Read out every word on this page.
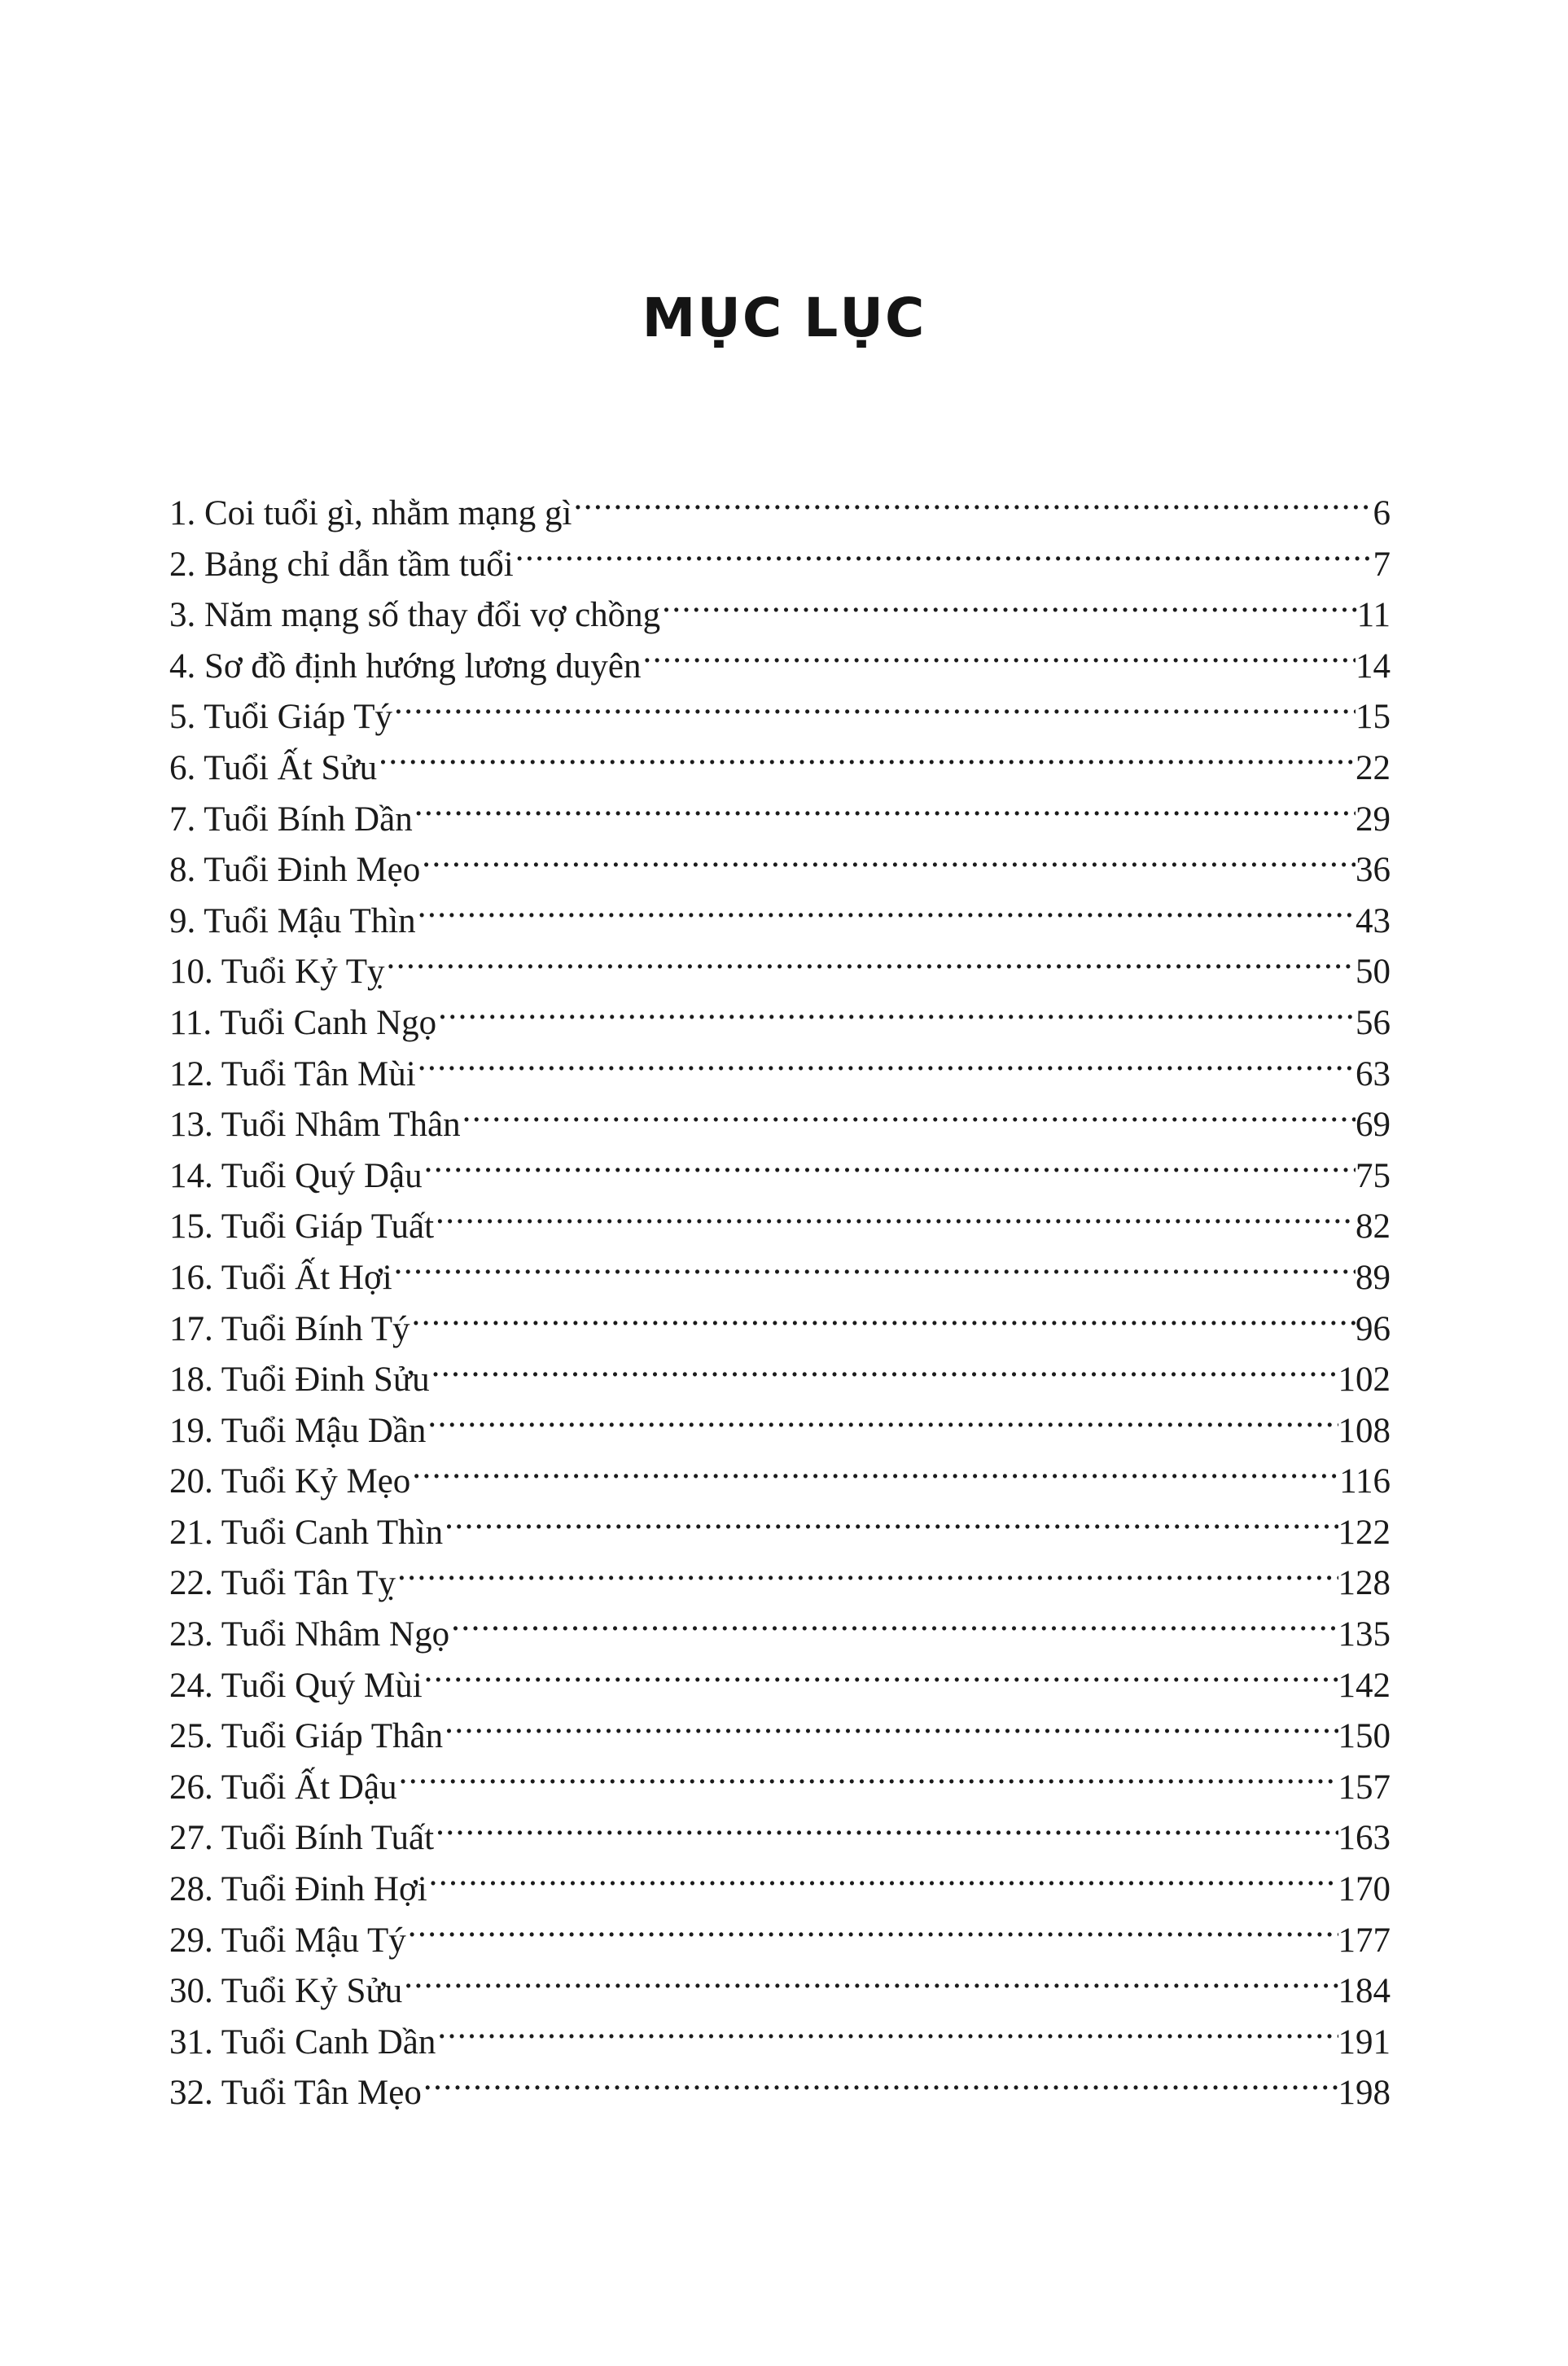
MỤC LỤC
1. Coi tuổi gì, nhằm mạng gì .....	6
2. Bảng chỉ dẫn tầm tuổi .....	7
3. Năm mạng số thay đổi vợ chồng .....	11
4. Sơ đồ định hướng lương duyên .....	14
5. Tuổi Giáp Tý .....	15
6. Tuổi Ất Sửu .....	22
7. Tuổi Bính Dần .....	29
8. Tuổi Đinh Mẹo .....	36
9. Tuổi Mậu Thìn .....	43
10. Tuổi Kỷ Tỵ .....	50
11. Tuổi Canh Ngọ .....	56
12. Tuổi Tân Mùi .....	63
13. Tuổi Nhâm Thân .....	69
14. Tuổi Quý Dậu .....	75
15. Tuổi Giáp Tuất .....	82
16. Tuổi Ất Hợi .....	89
17. Tuổi Bính Tý .....	96
18. Tuổi Đinh Sửu .....	102
19. Tuổi Mậu Dần .....	108
20. Tuổi Kỷ Mẹo .....	116
21. Tuổi Canh Thìn .....	122
22. Tuổi Tân Tỵ .....	128
23. Tuổi Nhâm Ngọ .....	135
24. Tuổi Quý Mùi .....	142
25. Tuổi Giáp Thân .....	150
26. Tuổi Ất Dậu .....	157
27. Tuổi Bính Tuất .....	163
28. Tuổi Đinh Hợi .....	170
29. Tuổi Mậu Tý .....	177
30. Tuổi Kỷ Sửu .....	184
31. Tuổi Canh Dần .....	191
32. Tuổi Tân Mẹo .....	198
